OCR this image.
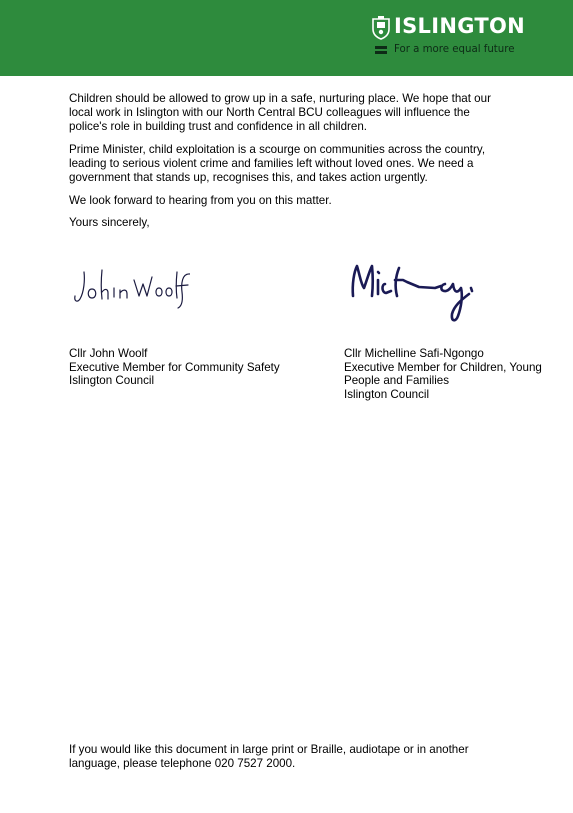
ISLINGTON
For a more equal future

Children should be allowed to grow up in a safe, nurturing place. We hope that our local work in Islington with our North Central BCU colleagues will influence the police's role in building trust and confidence in all children.

Prime Minister, child exploitation is a scourge on communities across the country, leading to serious violent crime and families left without loved ones. We need a government that stands up, recognises this, and takes action urgently.

We look forward to hearing from you on this matter.

Yours sincerely,

Cllr John Woolf
Executive Member for Community Safety
Islington Council
Cllr Michelline Safi-Ngongo
Executive Member for Children, Young People and Families
Islington Council

If you would like this document in large print or Braille, audiotape or in another language, please telephone 020 7527 2000.
